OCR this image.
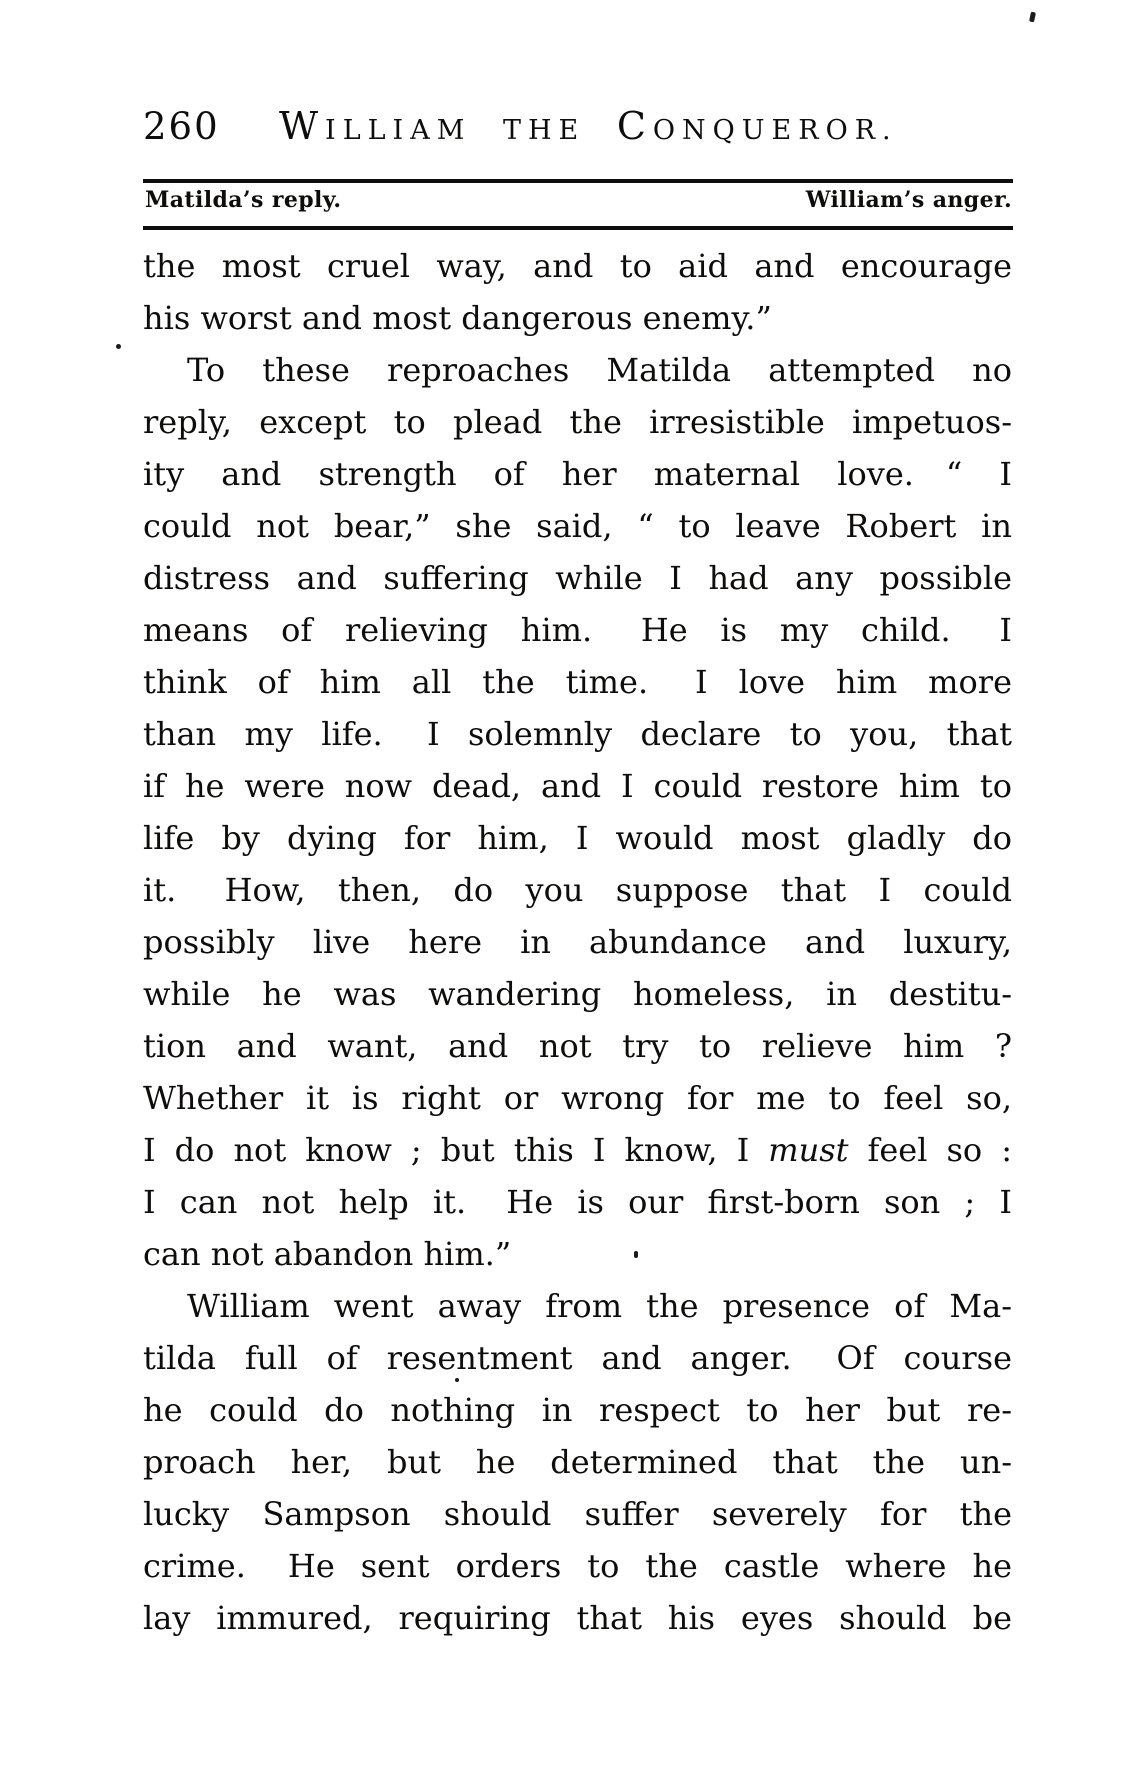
260	WILLIAM THE CONQUEROR.
Matilda’s reply.	William’s anger.
the most cruel way, and to aid and encourage
his worst and most dangerous enemy.”
To these reproaches Matilda attempted no
reply, except to plead the irresistible impetuos-
ity and strength of her maternal love.  “ I
could not bear,” she said, “ to leave Robert in
distress and suffering while I had any possible
means of relieving him.  He is my child.  I
think of him all the time.  I love him more
than my life.  I solemnly declare to you, that
if he were now dead, and I could restore him to
life by dying for him, I would most gladly do
it.  How, then, do you suppose that I could
possibly live here in abundance and luxury,
while he was wandering homeless, in destitu-
tion and want, and not try to relieve him ?
Whether it is right or wrong for me to feel so,
I do not know ; but this I know, I must feel so :
I can not help it.  He is our first-born son ; I
can not abandon him.”
William went away from the presence of Ma-
tilda full of resentment and anger.  Of course
he could do nothing in respect to her but re-
proach her, but he determined that the un-
lucky Sampson should suffer severely for the
crime.  He sent orders to the castle where he
lay immured, requiring that his eyes should be
